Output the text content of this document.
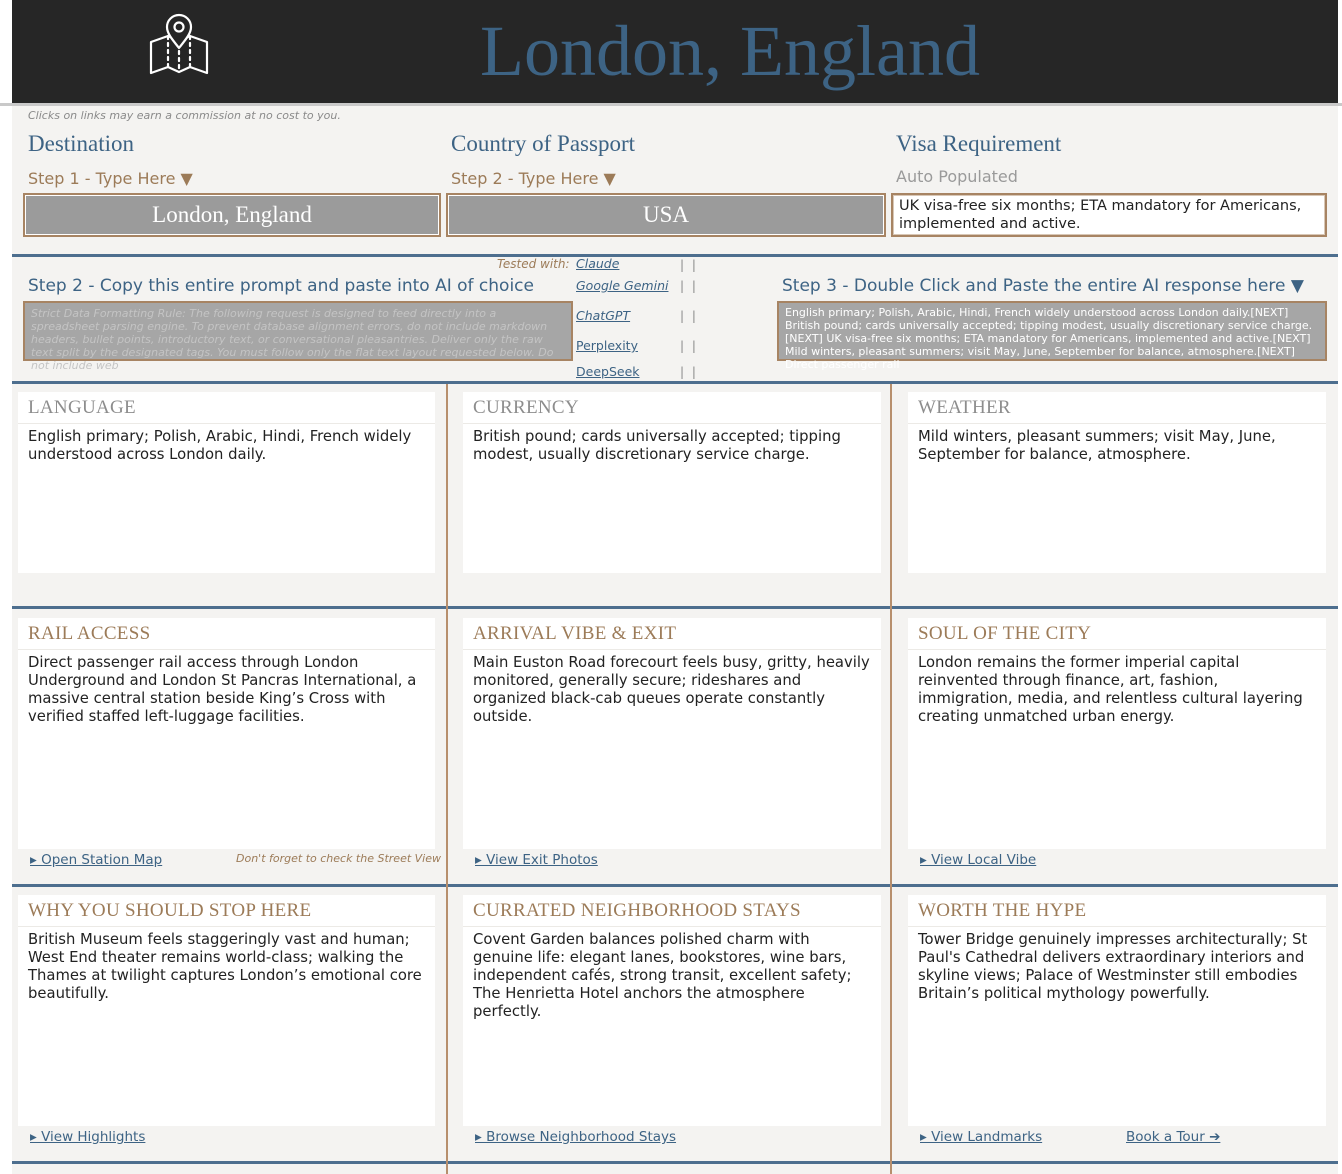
London, England
Clicks on links may earn a commission at no cost to you.
Destination
Step 1 - Type Here ▼
London, England
Country of Passport
Step 2 - Type Here ▼
USA
Visa Requirement
Auto Populated
UK visa-free six months; ETA mandatory for Americans, implemented and active.
Tested with: Claude
Google Gemini
ChatGPT
Perplexity
DeepSeek
| |
| |
| |
| |
| |
Step 2 - Copy this entire prompt and paste into AI of choice	Step 3 - Double Click and Paste the entire AI response here ▼
Strict Data Formatting Rule: The following request is designed to feed directly into a spreadsheet parsing engine. To prevent database alignment errors, do not include markdown headers, bullet points, introductory text, or conversational pleasantries. Deliver only the raw text split by the designated tags. You must follow only the flat text layout requested below. Do not include web
English primary; Polish, Arabic, Hindi, French widely understood across London daily.[NEXT] British pound; cards universally accepted; tipping modest, usually discretionary service charge.[NEXT] UK visa-free six months; ETA mandatory for Americans, implemented and active.[NEXT] Mild winters, pleasant summers; visit May, June, September for balance, atmosphere.[NEXT] Direct passenger rail
LANGUAGE
English primary; Polish, Arabic, Hindi, French widely understood across London daily.
CURRENCY
British pound; cards universally accepted; tipping modest, usually discretionary service charge.
WEATHER
Mild winters, pleasant summers; visit May, June, September for balance, atmosphere.
RAIL ACCESS
Direct passenger rail access through London Underground and London St Pancras International, a massive central station beside King’s Cross with verified staffed left-luggage facilities.
▸ Open Station Map	Don't forget to check the Street View
ARRIVAL VIBE & EXIT
Main Euston Road forecourt feels busy, gritty, heavily monitored, generally secure; rideshares and organized black-cab queues operate constantly outside.
▸ View Exit Photos
SOUL OF THE CITY
London remains the former imperial capital reinvented through finance, art, fashion, immigration, media, and relentless cultural layering creating unmatched urban energy.
▸ View Local Vibe
WHY YOU SHOULD STOP HERE
British Museum feels staggeringly vast and human; West End theater remains world-class; walking the Thames at twilight captures London’s emotional core beautifully.
▸ View Highlights
CURRATED NEIGHBORHOOD STAYS
Covent Garden balances polished charm with genuine life: elegant lanes, bookstores, wine bars, independent cafés, strong transit, excellent safety; The Henrietta Hotel anchors the atmosphere perfectly.
▸ Browse Neighborhood Stays
WORTH THE HYPE
Tower Bridge genuinely impresses architecturally; St Paul's Cathedral delivers extraordinary interiors and skyline views; Palace of Westminster still embodies Britain’s political mythology powerfully.
▸ View Landmarks	Book a Tour ➔
